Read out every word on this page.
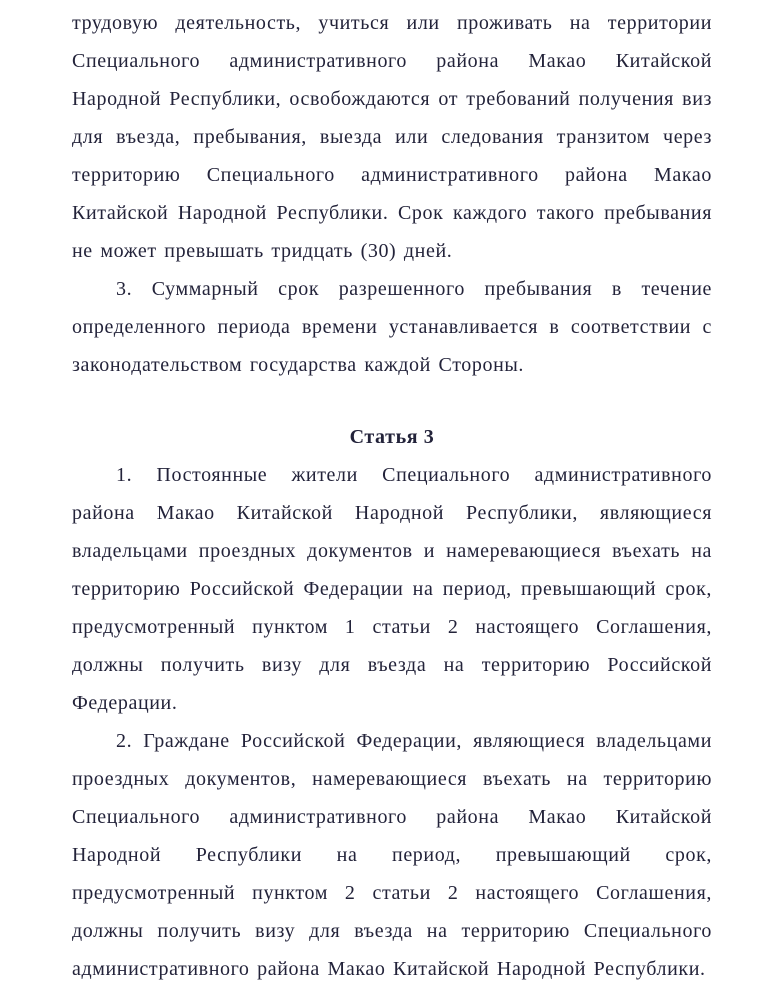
трудовую деятельность, учиться или проживать на территории Специального административного района Макао Китайской Народной Республики, освобождаются от требований получения виз для въезда, пребывания, выезда или следования транзитом через территорию Специального административного района Макао Китайской Народной Республики. Срок каждого такого пребывания не может превышать тридцать (30) дней.

3. Суммарный срок разрешенного пребывания в течение определенного периода времени устанавливается в соответствии с законодательством государства каждой Стороны.

Статья 3

1. Постоянные жители Специального административного района Макао Китайской Народной Республики, являющиеся владельцами проездных документов и намеревающиеся въехать на территорию Российской Федерации на период, превышающий срок, предусмотренный пунктом 1 статьи 2 настоящего Соглашения, должны получить визу для въезда на территорию Российской Федерации.

2. Граждане Российской Федерации, являющиеся владельцами проездных документов, намеревающиеся въехать на территорию Специального административного района Макао Китайской Народной Республики на период, превышающий срок, предусмотренный пунктом 2 статьи 2 настоящего Соглашения, должны получить визу для въезда на территорию Специального административного района Макао Китайской Народной Республики.
